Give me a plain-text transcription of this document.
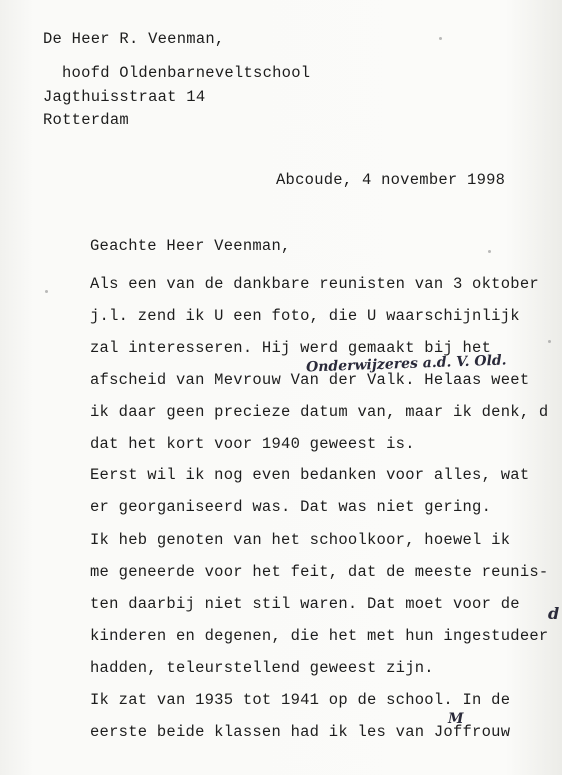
De Heer R. Veenman,
hoofd Oldenbarneveltschool
Jagthuisstraat 14
Rotterdam
Abcoude, 4 november 1998
Geachte Heer Veenman,
Als een van de dankbare reunisten van 3 oktober
j.l. zend ik U een foto, die U waarschijnlijk
zal interesseren. Hij werd gemaakt bij het
Onderwijzeres a.d. V. Old.
afscheid van Mevrouw Van der Valk. Helaas weet
ik daar geen precieze datum van, maar ik denk, d
dat het kort voor 1940 geweest is.
Eerst wil ik nog even bedanken voor alles, wat
er georganiseerd was. Dat was niet gering.
Ik heb genoten van het schoolkoor, hoewel ik
me geneerde voor het feit, dat de meeste reunis-
ten daarbij niet stil waren. Dat moet voor de d
kinderen en degenen, die het met hun ingestudeer
hadden, teleurstellend geweest zijn.
Ik zat van 1935 tot 1941 op de school. In de
M
eerste beide klassen had ik les van Joffrouw
